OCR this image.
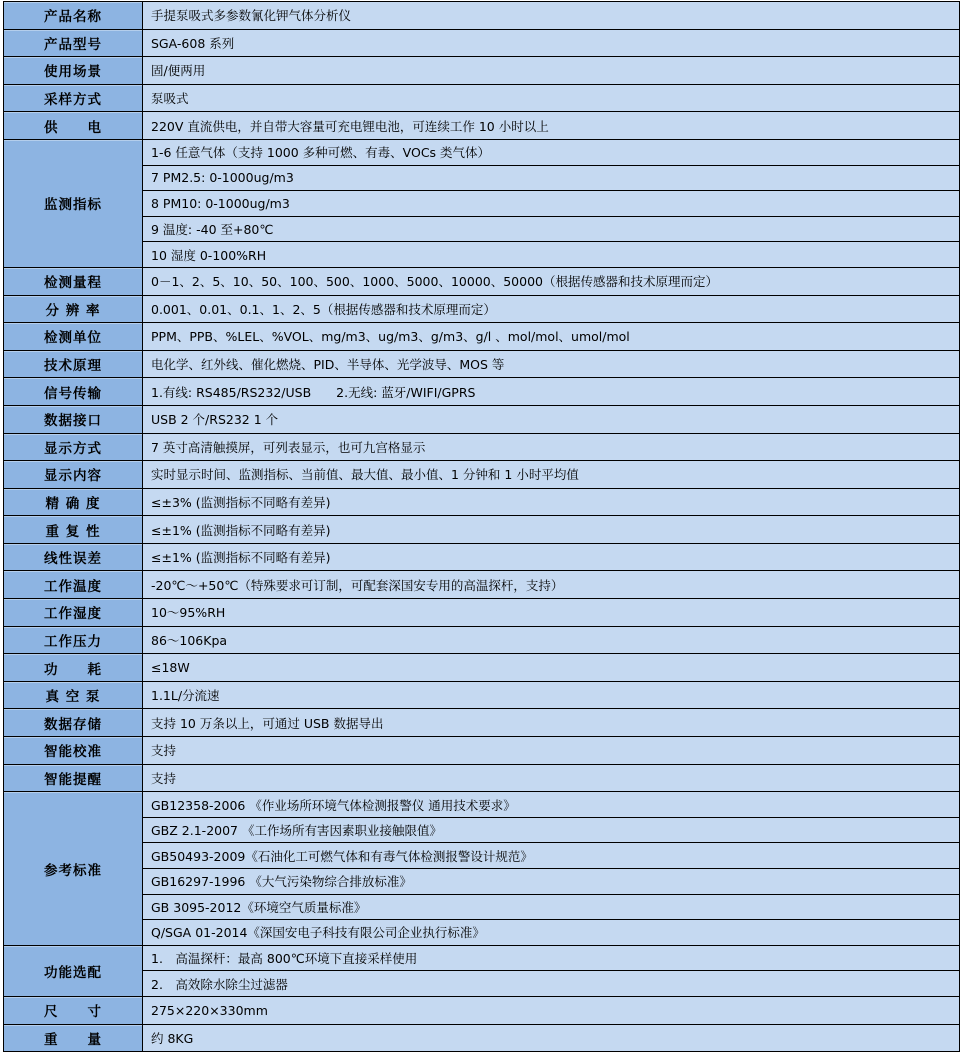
产品名称	手提泵吸式多参数氰化钾气体分析仪
产品型号	SGA-608 系列
使用场景	固/便两用
采样方式	泵吸式
供　　电	220V 直流供电，并自带大容量可充电锂电池，可连续工作 10 小时以上
监测指标	1-6 任意气体（支持 1000 多种可燃、有毒、VOCs 类气体）
	7 PM2.5: 0-1000ug/m3
	8 PM10: 0-1000ug/m3
	9 温度: -40 至+80℃
	10 湿度 0-100%RH
检测量程	0－1、2、5、10、50、100、500、1000、5000、10000、50000（根据传感器和技术原理而定）
分 辨 率	0.001、0.01、0.1、1、2、5（根据传感器和技术原理而定）
检测单位	PPM、PPB、%LEL、%VOL、mg/m3、ug/m3、g/m3、g/l 、mol/mol、umol/mol
技术原理	电化学、红外线、催化燃烧、PID、半导体、光学波导、MOS 等
信号传输	1.有线: RS485/RS232/USB　　2.无线: 蓝牙/WIFI/GPRS
数据接口	USB 2 个/RS232 1 个
显示方式	7 英寸高清触摸屏，可列表显示，也可九宫格显示
显示内容	实时显示时间、监测指标、当前值、最大值、最小值、1 分钟和 1 小时平均值
精 确 度	≤±3% (监测指标不同略有差异)
重 复 性	≤±1% (监测指标不同略有差异)
线性误差	≤±1% (监测指标不同略有差异)
工作温度	-20℃～+50℃（特殊要求可订制，可配套深国安专用的高温探杆，支持）
工作湿度	10～95%RH
工作压力	86～106Kpa
功　　耗	≤18W
真 空 泵	1.1L/分流速
数据存储	支持 10 万条以上，可通过 USB 数据导出
智能校准	支持
智能提醒	支持
参考标准	GB12358-2006 《作业场所环境气体检测报警仪 通用技术要求》
	GBZ 2.1-2007 《工作场所有害因素职业接触限值》
	GB50493-2009《石油化工可燃气体和有毒气体检测报警设计规范》
	GB16297-1996 《大气污染物综合排放标准》
	GB 3095-2012《环境空气质量标准》
	Q/SGA 01-2014《深国安电子科技有限公司企业执行标准》
功能选配	1.　高温探杆：最高 800℃环境下直接采样使用
	2.　高效除水除尘过滤器
尺　　寸	275×220×330mm
重　　量	约 8KG
